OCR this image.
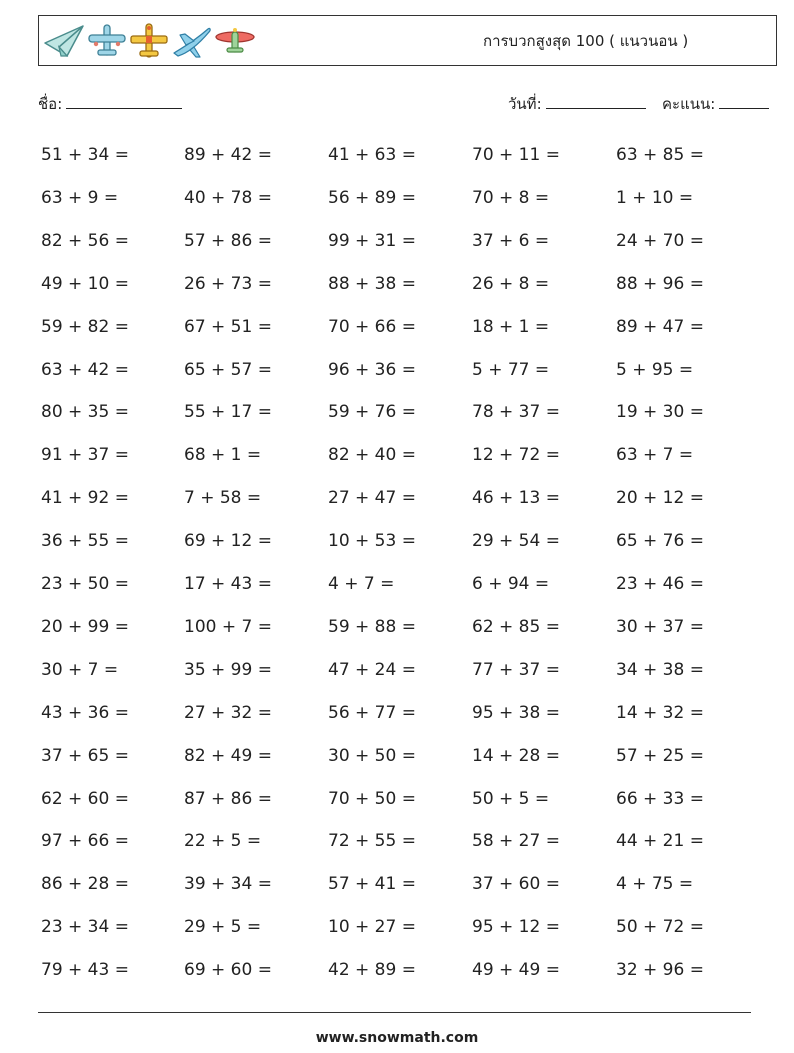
การบวกสูงสุด 100 ( แนวนอน )
ชื่อ:	วันที่:	คะแนน:
51 + 34 =	89 + 42 =	41 + 63 =	70 + 11 =	63 + 85 =
63 + 9 =	40 + 78 =	56 + 89 =	70 + 8 =	1 + 10 =
82 + 56 =	57 + 86 =	99 + 31 =	37 + 6 =	24 + 70 =
49 + 10 =	26 + 73 =	88 + 38 =	26 + 8 =	88 + 96 =
59 + 82 =	67 + 51 =	70 + 66 =	18 + 1 =	89 + 47 =
63 + 42 =	65 + 57 =	96 + 36 =	5 + 77 =	5 + 95 =
80 + 35 =	55 + 17 =	59 + 76 =	78 + 37 =	19 + 30 =
91 + 37 =	68 + 1 =	82 + 40 =	12 + 72 =	63 + 7 =
41 + 92 =	7 + 58 =	27 + 47 =	46 + 13 =	20 + 12 =
36 + 55 =	69 + 12 =	10 + 53 =	29 + 54 =	65 + 76 =
23 + 50 =	17 + 43 =	4 + 7 =	6 + 94 =	23 + 46 =
20 + 99 =	100 + 7 =	59 + 88 =	62 + 85 =	30 + 37 =
30 + 7 =	35 + 99 =	47 + 24 =	77 + 37 =	34 + 38 =
43 + 36 =	27 + 32 =	56 + 77 =	95 + 38 =	14 + 32 =
37 + 65 =	82 + 49 =	30 + 50 =	14 + 28 =	57 + 25 =
62 + 60 =	87 + 86 =	70 + 50 =	50 + 5 =	66 + 33 =
97 + 66 =	22 + 5 =	72 + 55 =	58 + 27 =	44 + 21 =
86 + 28 =	39 + 34 =	57 + 41 =	37 + 60 =	4 + 75 =
23 + 34 =	29 + 5 =	10 + 27 =	95 + 12 =	50 + 72 =
79 + 43 =	69 + 60 =	42 + 89 =	49 + 49 =	32 + 96 =
www.snowmath.com
